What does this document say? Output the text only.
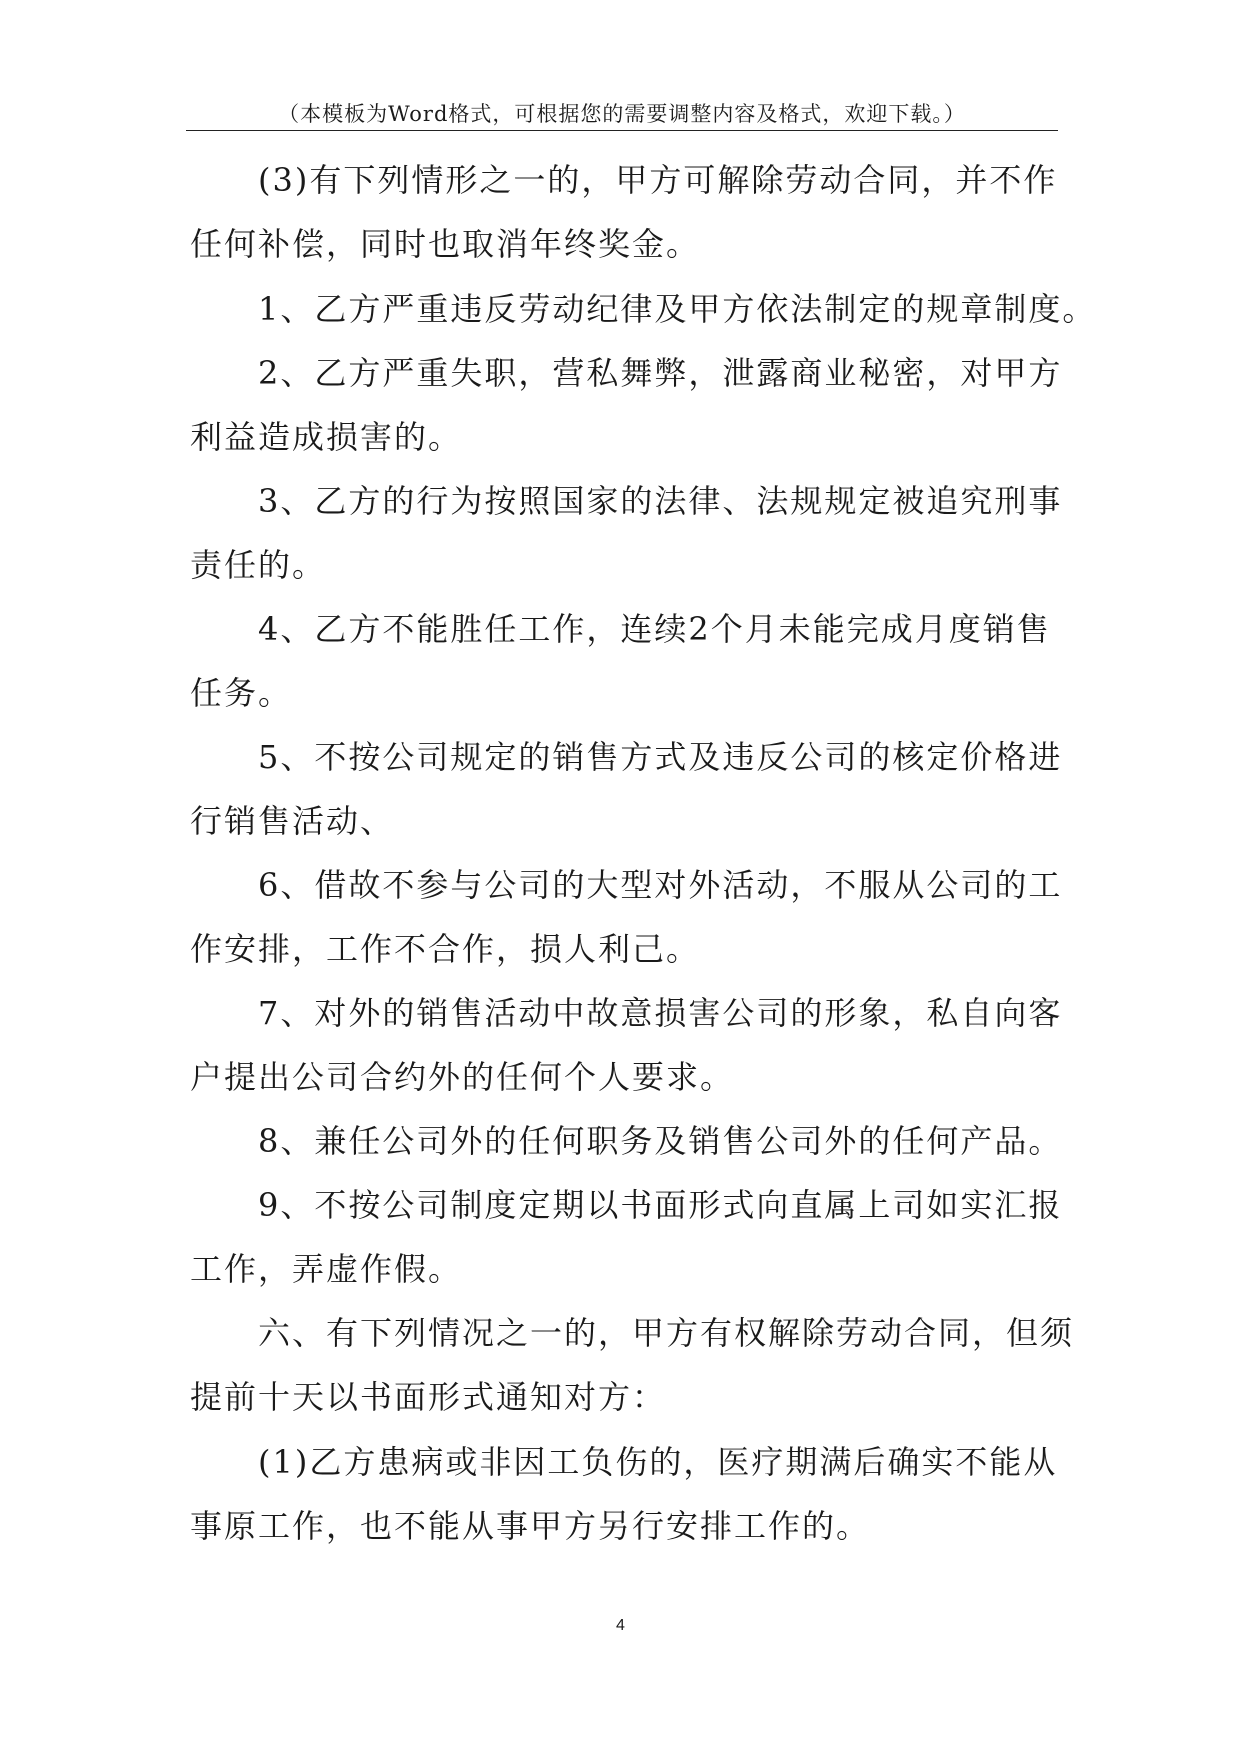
（本模板为Word格式，可根据您的需要调整内容及格式，欢迎下载。）
　　(3)有下列情形之一的，甲方可解除劳动合同，并不作
任何补偿，同时也取消年终奖金。
　　1、乙方严重违反劳动纪律及甲方依法制定的规章制度。
　　2、乙方严重失职，营私舞弊，泄露商业秘密，对甲方
利益造成损害的。
　　3、乙方的行为按照国家的法律、法规规定被追究刑事
责任的。
　　4、乙方不能胜任工作，连续2个月未能完成月度销售
任务。
　　5、不按公司规定的销售方式及违反公司的核定价格进
行销售活动、
　　6、借故不参与公司的大型对外活动，不服从公司的工
作安排，工作不合作，损人利己。
　　7、对外的销售活动中故意损害公司的形象，私自向客
户提出公司合约外的任何个人要求。
　　8、兼任公司外的任何职务及销售公司外的任何产品。
　　9、不按公司制度定期以书面形式向直属上司如实汇报
工作，弄虚作假。
　　六、有下列情况之一的，甲方有权解除劳动合同，但须
提前十天以书面形式通知对方：
　　(1)乙方患病或非因工负伤的，医疗期满后确实不能从
事原工作，也不能从事甲方另行安排工作的。
4
